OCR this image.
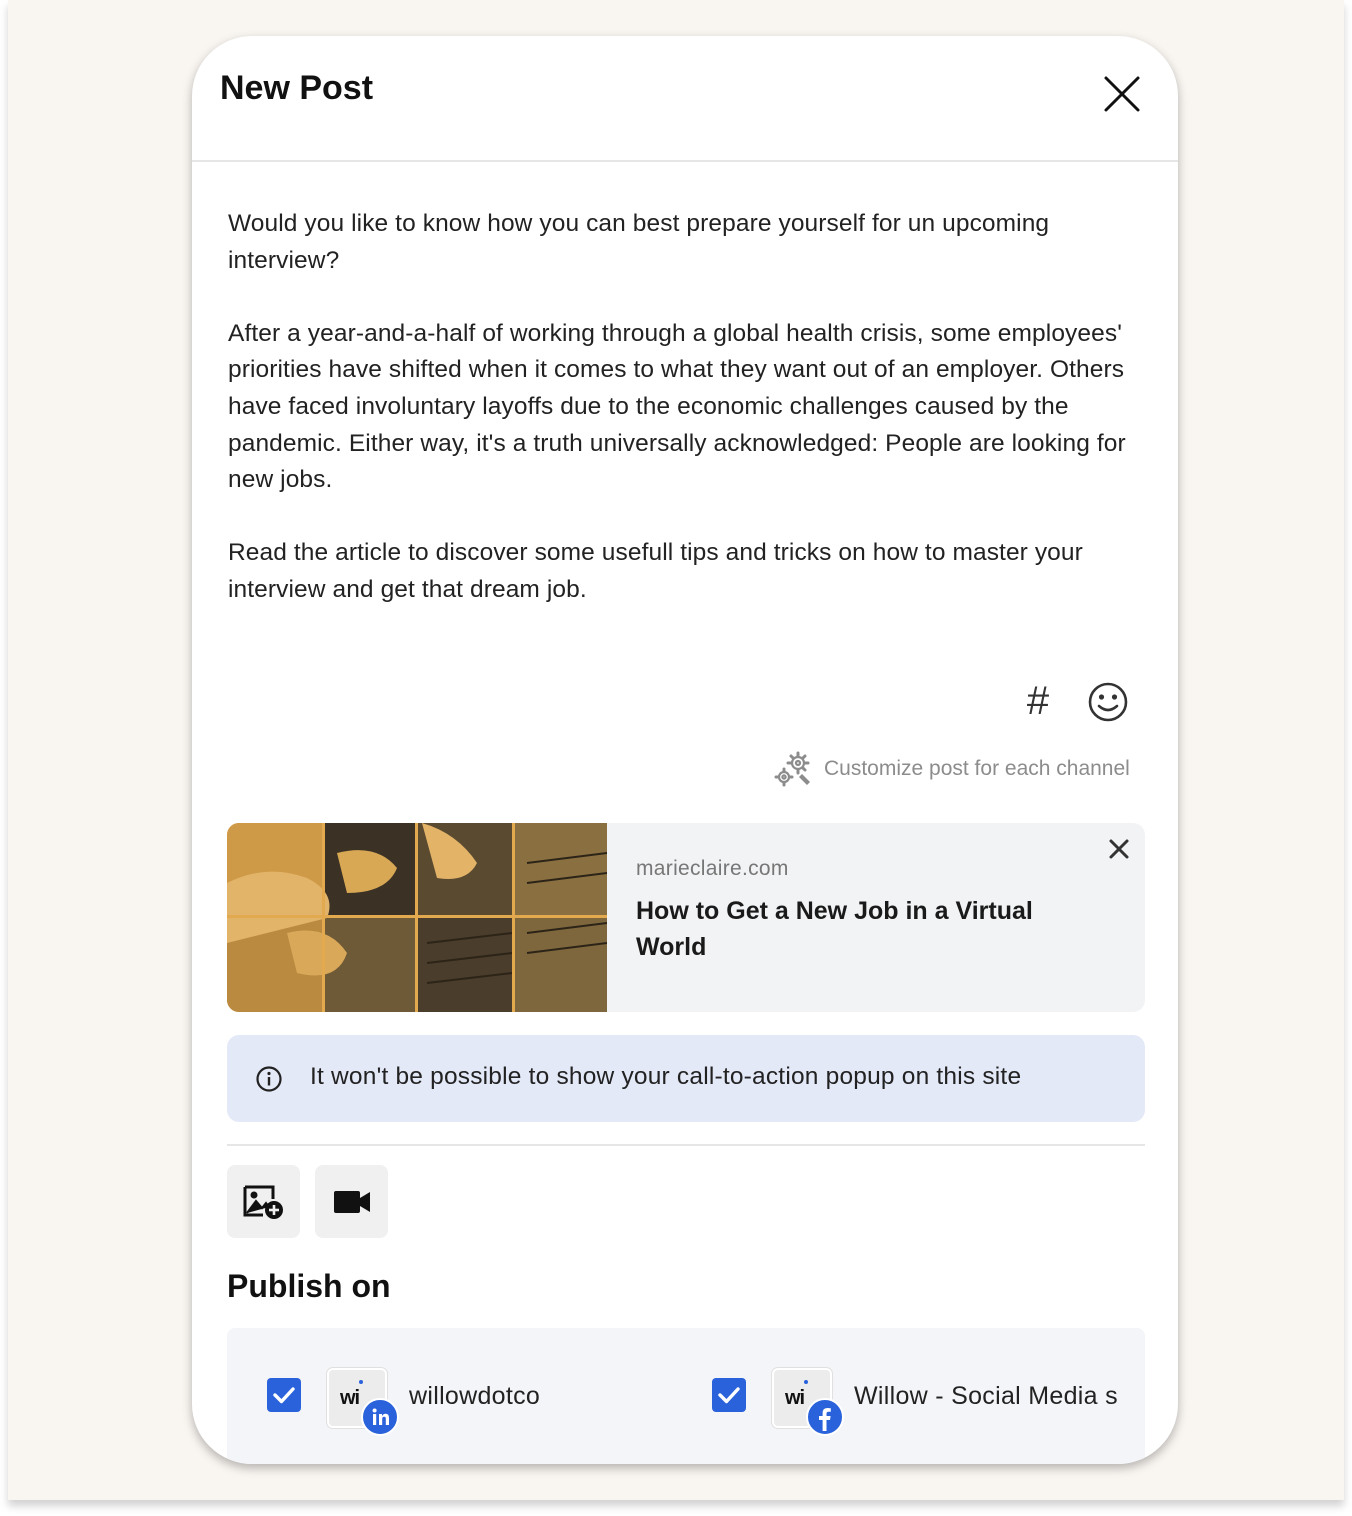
New Post

Would you like to know how you can best prepare yourself for un upcoming interview?

After a year-and-a-half of working through a global health crisis, some employees' priorities have shifted when it comes to what they want out of an employer. Others have faced involuntary layoffs due to the economic challenges caused by the pandemic. Either way, it's a truth universally acknowledged: People are looking for new jobs.

Read the article to discover some usefull tips and tricks on how to master your interview and get that dream job.

#
Customize post for each channel
marieclaire.com
How to Get a New Job in a Virtual World
It won't be possible to show your call-to-action popup on this site
Publish on
wi willowdotco	wi Willow - Social Media s
